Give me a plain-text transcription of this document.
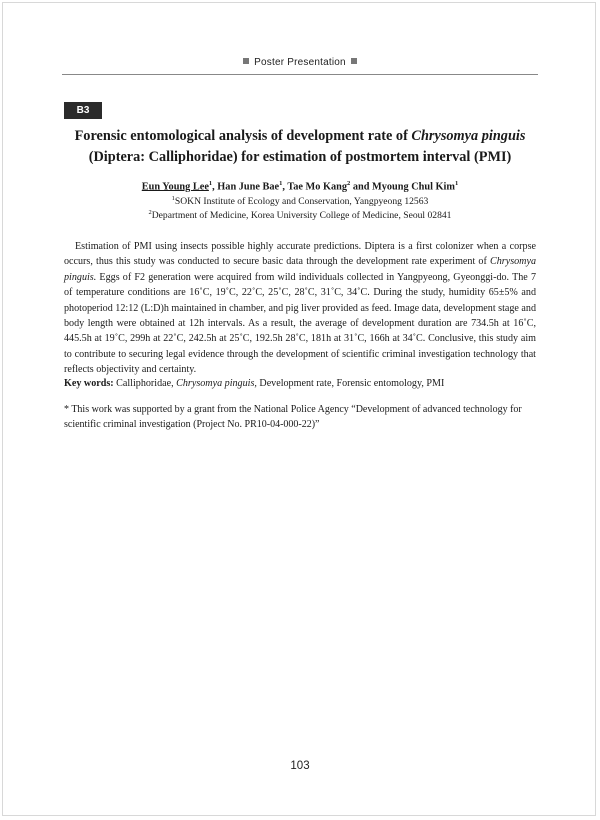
Poster Presentation
B3
Forensic entomological analysis of development rate of Chrysomya pinguis
(Diptera: Calliphoridae) for estimation of postmortem interval (PMI)
Eun Young Lee$^1$, Han June Bae$^1$, Tae Mo Kang$^2$ and Myoung Chul Kim$^1$
$^1$SOKN Institute of Ecology and Conservation, Yangpyeong 12563
$^2$Department of Medicine, Korea University College of Medicine, Seoul 02841

Estimation of PMI using insects possible highly accurate predictions. Diptera is a first colonizer when a corpse occurs, thus this study was conducted to secure basic data through the development rate experiment of Chrysomya pinguis. Eggs of F2 generation were acquired from wild individuals collected in Yangpyeong, Gyeonggi-do. The 7 of temperature conditions are 16˚C, 19˚C, 22˚C, 25˚C, 28˚C, 31˚C, 34˚C. During the study, humidity 65±5% and photoperiod 12:12 (L:D)h maintained in chamber, and pig liver provided as feed. Image data, development stage and body length were obtained at 12h intervals. As a result, the average of development duration are 734.5h at 16˚C, 445.5h at 19˚C, 299h at 22˚C, 242.5h at 25˚C, 192.5h 28˚C, 181h at 31˚C, 166h at 34˚C. Conclusive, this study aim to contribute to securing legal evidence through the development of scientific criminal investigation technology that reflects objectivity and certainty.

Key words: Calliphoridae, Chrysomya pinguis, Development rate, Forensic entomology, PMI

* This work was supported by a grant from the National Police Agency “Development of advanced technology for scientific criminal investigation (Project No. PR10-04-000-22)”

103
